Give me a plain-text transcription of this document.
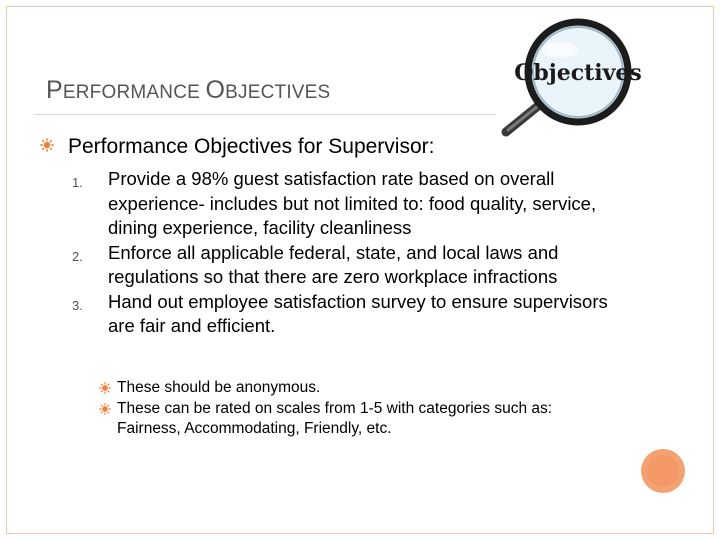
PERFORMANCE OBJECTIVES
Objectives
Performance Objectives for Supervisor:
1.	Provide a 98% guest satisfaction rate based on overall experience- includes but not limited to: food quality, service, dining experience, facility cleanliness
2.	Enforce all applicable federal, state, and local laws and regulations so that there are zero workplace infractions
3.	Hand out employee satisfaction survey to ensure supervisors are fair and efficient.
These should be anonymous.
These can be rated on scales from 1-5 with categories such as: Fairness, Accommodating, Friendly, etc.
